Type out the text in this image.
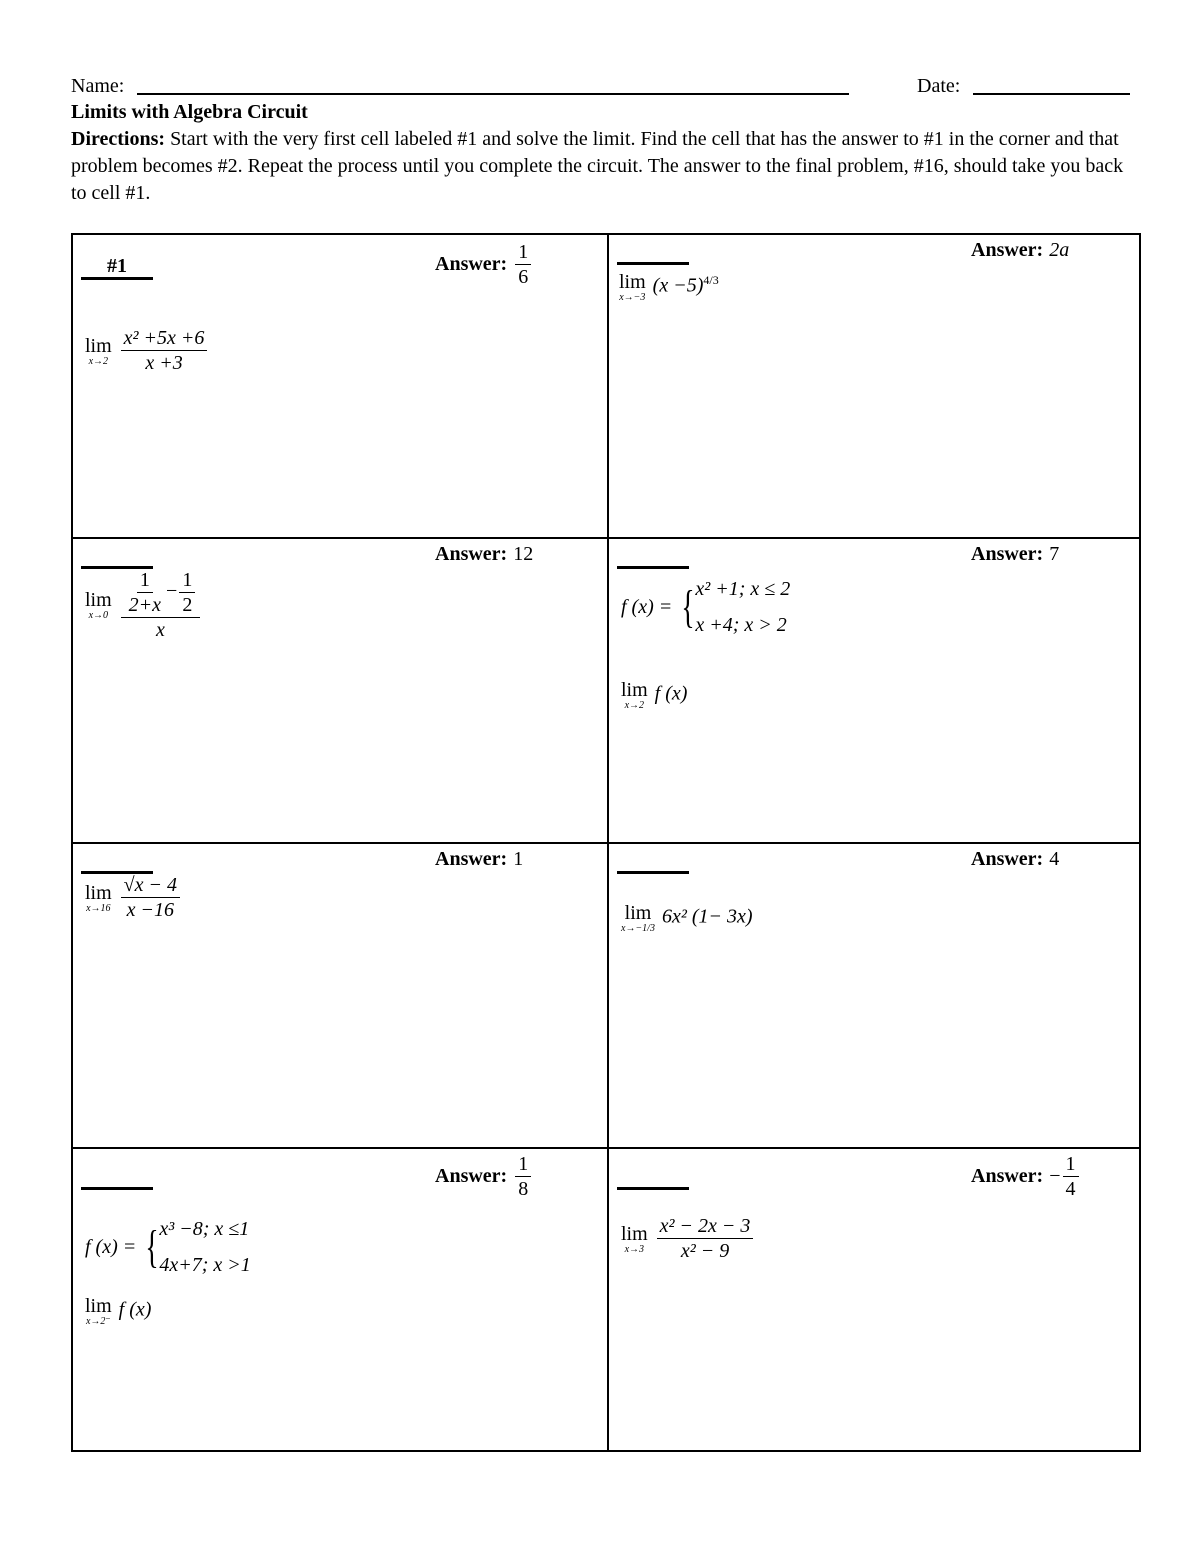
Name:	Date:
Limits with Algebra Circuit
Directions: Start with the very first cell labeled #1 and solve the limit. Find the cell that has the answer to #1 in the corner and that problem becomes #2. Repeat the process until you complete the circuit. The answer to the final problem, #16, should take you back to cell #1.
#1	Answer: $\frac{1}{6}$
lim
x→2
$\frac{\text{x² +5x +6}}{x +3}$
Answer: 2a
lim
x→−3
$(x -5)^{4/3}$
Answer: 12
lim
x→0
$\frac{\frac{1}{2+x} - \frac{1}{2}}{x}$
Answer: 7
f (x) =
{ x² +1; x ≤ 2
x +4; x > 2
lim
x→2
f (x)
Answer: 1
lim
x→16
$\frac{√x - 4}{x -16}$
Answer: 4
lim
x→−1/3
6x² (1− 3x)
Answer: $\frac{1}{8}$
f (x) =
{ x³ −8; x ≤1
4x+7; x >1
lim
x→2⁻
f (x)
Answer: − $\frac{1}{4}$
lim
x→3
$\frac{\text{x² − 2x − 3}}{\text{x² − 9}}$
